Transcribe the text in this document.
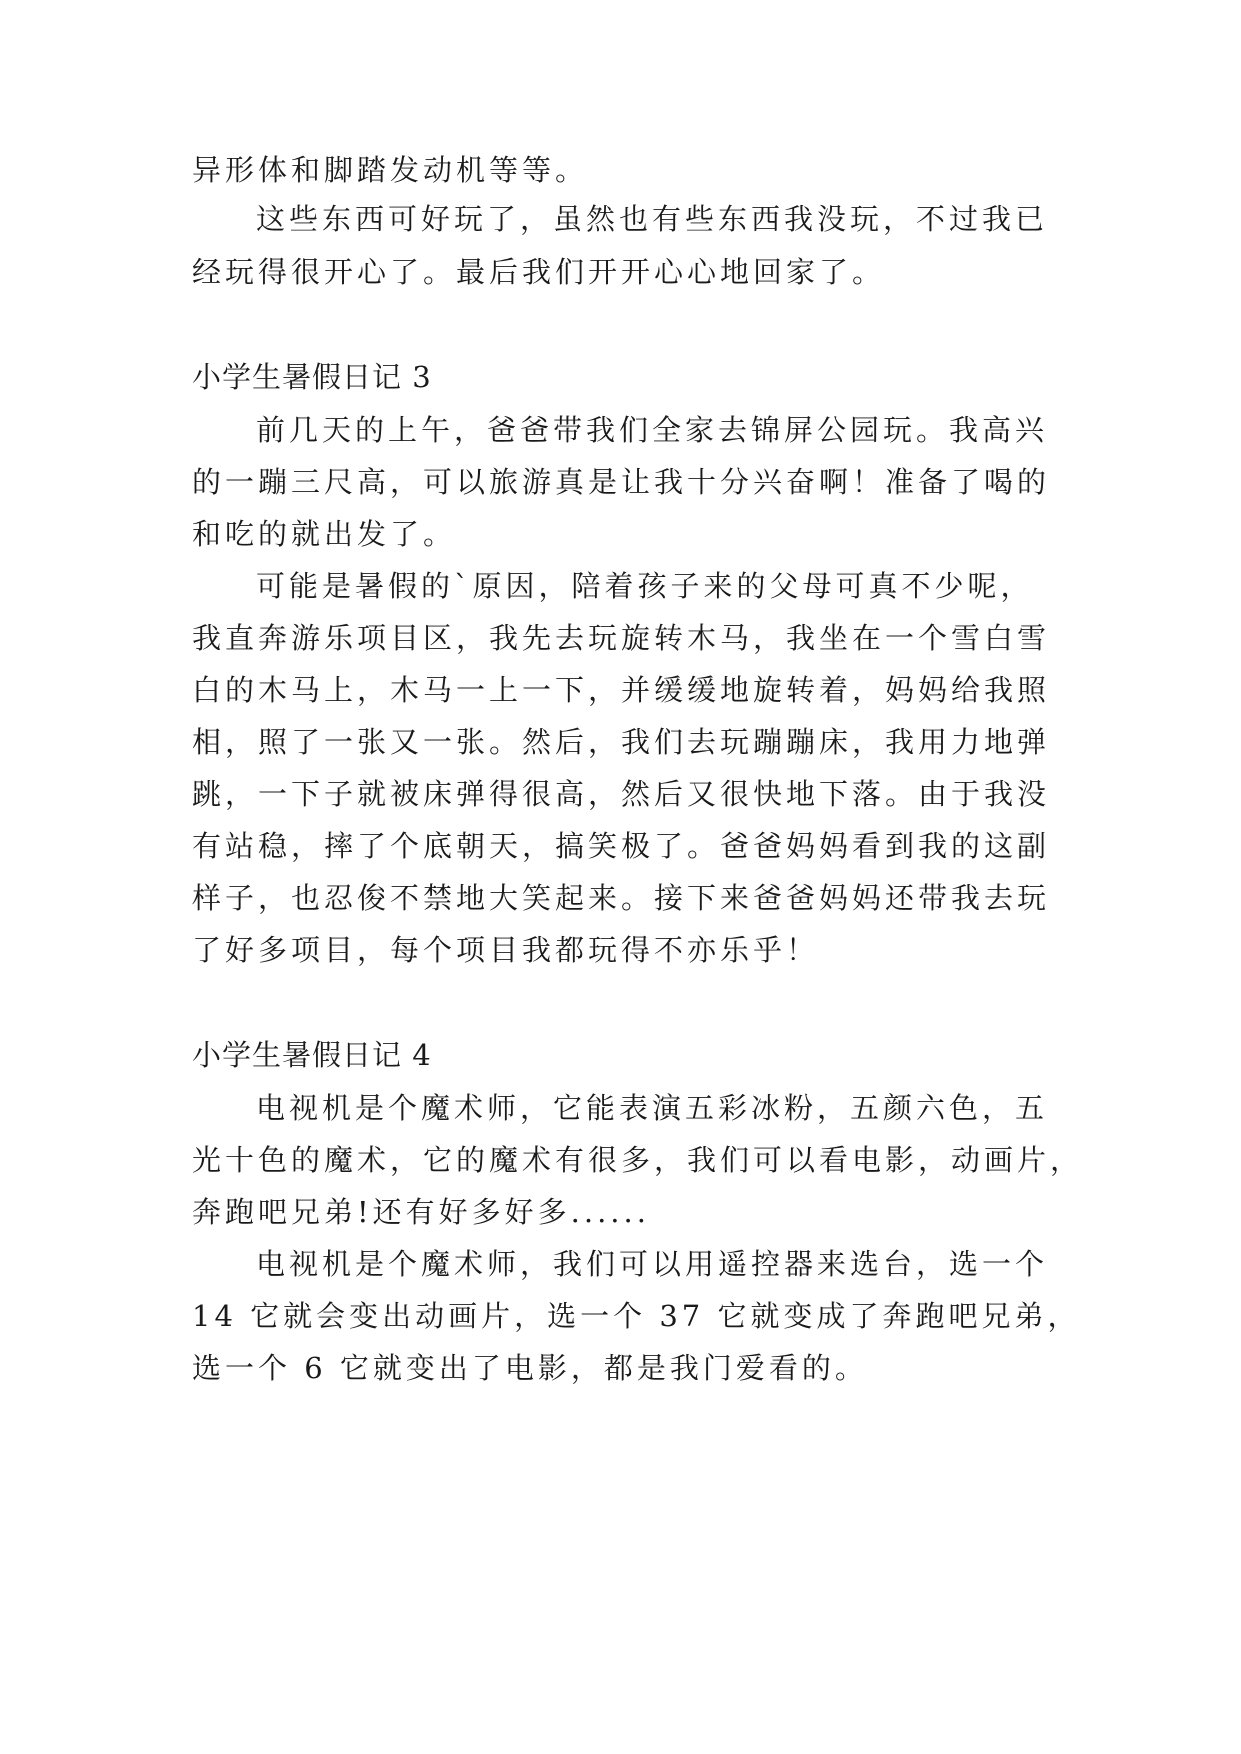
异形体和脚踏发动机等等。
这些东西可好玩了，虽然也有些东西我没玩，不过我已
经玩得很开心了。最后我们开开心心地回家了。
小学生暑假日记 3
前几天的上午，爸爸带我们全家去锦屏公园玩。我高兴
的一蹦三尺高，可以旅游真是让我十分兴奋啊！准备了喝的
和吃的就出发了。
可能是暑假的`原因，陪着孩子来的父母可真不少呢，
我直奔游乐项目区，我先去玩旋转木马，我坐在一个雪白雪
白的木马上，木马一上一下，并缓缓地旋转着，妈妈给我照
相，照了一张又一张。然后，我们去玩蹦蹦床，我用力地弹
跳，一下子就被床弹得很高，然后又很快地下落。由于我没
有站稳，摔了个底朝天，搞笑极了。爸爸妈妈看到我的这副
样子，也忍俊不禁地大笑起来。接下来爸爸妈妈还带我去玩
了好多项目，每个项目我都玩得不亦乐乎！
小学生暑假日记 4
电视机是个魔术师，它能表演五彩冰粉，五颜六色，五
光十色的魔术，它的魔术有很多，我们可以看电影，动画片，
奔跑吧兄弟!还有好多好多......
电视机是个魔术师，我们可以用遥控器来选台，选一个
14 它就会变出动画片，选一个 37 它就变成了奔跑吧兄弟，
选一个 6 它就变出了电影，都是我门爱看的。
